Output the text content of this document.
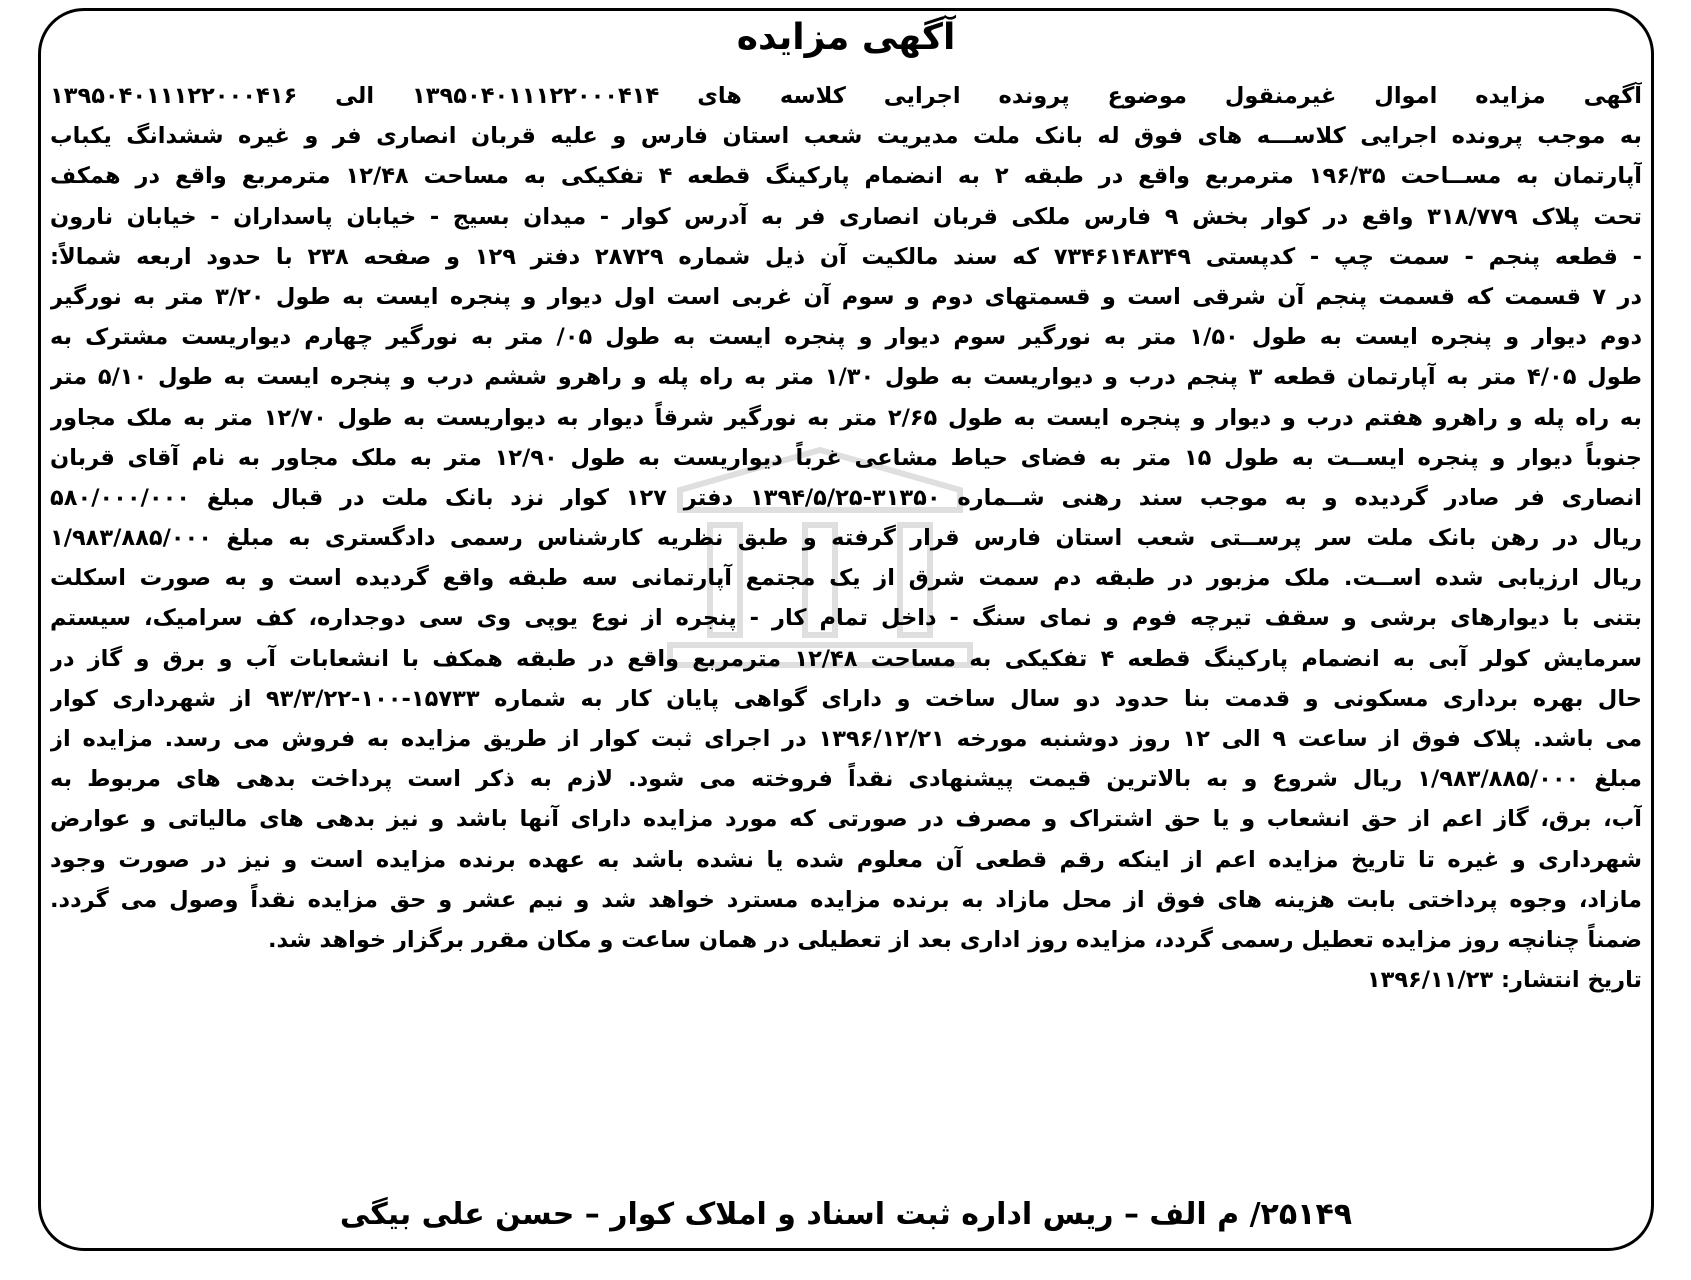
آگهی مزایده
آگهی مزایده اموال غیرمنقول موضوع پرونده اجرایی کلاسه های ۱۳۹۵۰۴۰۱۱۱۲۲۰۰۰۴۱۴ الی ۱۳۹۵۰۴۰۱۱۱۲۲۰۰۰۴۱۶
به موجب پرونده اجرایی کلاســـه های فوق له بانک ملت مدیریت شعب استان فارس و علیه قربان انصاری فر و غیره ششدانگ یکباب
آپارتمان به مســاحت ۱۹۶/۳۵ مترمربع واقع در طبقه ۲ به انضمام پارکینگ قطعه ۴ تفکیکی به مساحت ۱۲/۴۸ مترمربع واقع در همکف
تحت پلاک ۳۱۸/۷۷۹ واقع در کوار بخش ۹ فارس ملکی قربان انصاری فر به آدرس کوار - میدان بسیج - خیابان پاسداران - خیابان نارون
- قطعه پنجم - سمت چپ - کدپستی ۷۳۴۶۱۴۸۳۴۹ که سند مالکیت آن ذیل شماره ۲۸۷۲۹ دفتر ۱۲۹ و صفحه ۲۳۸ با حدود اربعه شمالاً:
در ۷ قسمت که قسمت پنجم آن شرقی است و قسمتهای دوم و سوم آن غربی است اول دیوار و پنجره ایست به طول ۳/۲۰ متر به نورگیر
دوم دیوار و پنجره ایست به طول ۱/۵۰ متر به نورگیر سوم دیوار و پنجره ایست به طول ۰۵/ متر به نورگیر چهارم دیواریست مشترک به
طول ۴/۰۵ متر به آپارتمان قطعه ۳ پنجم درب و دیواریست به طول ۱/۳۰ متر به راه پله و راهرو ششم درب و پنجره ایست به طول ۵/۱۰ متر
به راه پله و راهرو هفتم درب و دیوار و پنجره ایست به طول ۲/۶۵ متر به نورگیر شرقاً دیوار به دیواریست به طول ۱۲/۷۰ متر به ملک مجاور
جنوباً دیوار و پنجره ایســت به طول ۱۵ متر به فضای حیاط مشاعی غرباً دیواریست به طول ۱۲/۹۰ متر به ملک مجاور به نام آقای قربان
انصاری فر صادر گردیده و به موجب سند رهنی شــماره ۳۱۳۵۰-۱۳۹۴/۵/۲۵ دفتر ۱۲۷ کوار نزد بانک ملت در قبال مبلغ ۵۸۰/۰۰۰/۰۰۰
ریال در رهن بانک ملت سر پرســتی شعب استان فارس قرار گرفته و طبق نظریه کارشناس رسمی دادگستری به مبلغ ۱/۹۸۳/۸۸۵/۰۰۰
ریال ارزیابی شده اســت. ملک مزبور در طبقه دم سمت شرق از یک مجتمع آپارتمانی سه طبقه واقع گردیده است و به صورت اسکلت
بتنی با دیوارهای برشی و سقف تیرچه فوم و نمای سنگ - داخل تمام کار - پنجره از نوع یوپی وی سی دوجداره، کف سرامیک، سیستم
سرمایش کولر آبی به انضمام پارکینگ قطعه ۴ تفکیکی به مساحت ۱۲/۴۸ مترمربع واقع در طبقه همکف با انشعابات آب و برق و گاز در
حال بهره برداری مسکونی و قدمت بنا حدود دو سال ساخت و دارای گواهی پایان کار به شماره ۱۵۷۳۳-۱۰۰-۹۳/۳/۲۲ از شهرداری کوار
می باشد. پلاک فوق از ساعت ۹ الی ۱۲ روز دوشنبه مورخه ۱۳۹۶/۱۲/۲۱ در اجرای ثبت کوار از طریق مزایده به فروش می رسد. مزایده از
مبلغ ۱/۹۸۳/۸۸۵/۰۰۰ ریال شروع و به بالاترین قیمت پیشنهادی نقداً فروخته می شود. لازم به ذکر است پرداخت بدهی های مربوط به
آب، برق، گاز اعم از حق انشعاب و یا حق اشتراک و مصرف در صورتی که مورد مزایده دارای آنها باشد و نیز بدهی های مالیاتی و عوارض
شهرداری و غیره تا تاریخ مزایده اعم از اینکه رقم قطعی آن معلوم شده یا نشده باشد به عهده برنده مزایده است و نیز در صورت وجود
مازاد، وجوه پرداختی بابت هزینه های فوق از محل مازاد به برنده مزایده مسترد خواهد شد و نیم عشر و حق مزایده نقداً وصول می گردد.
ضمناً چنانچه روز مزایده تعطیل رسمی گردد، مزایده روز اداری بعد از تعطیلی در همان ساعت و مکان مقرر برگزار خواهد شد.
تاریخ انتشار: ۱۳۹۶/۱۱/۲۳
۲۵۱۴۹/ م الف – ریس اداره ثبت اسناد و املاک کوار – حسن علی بیگی
